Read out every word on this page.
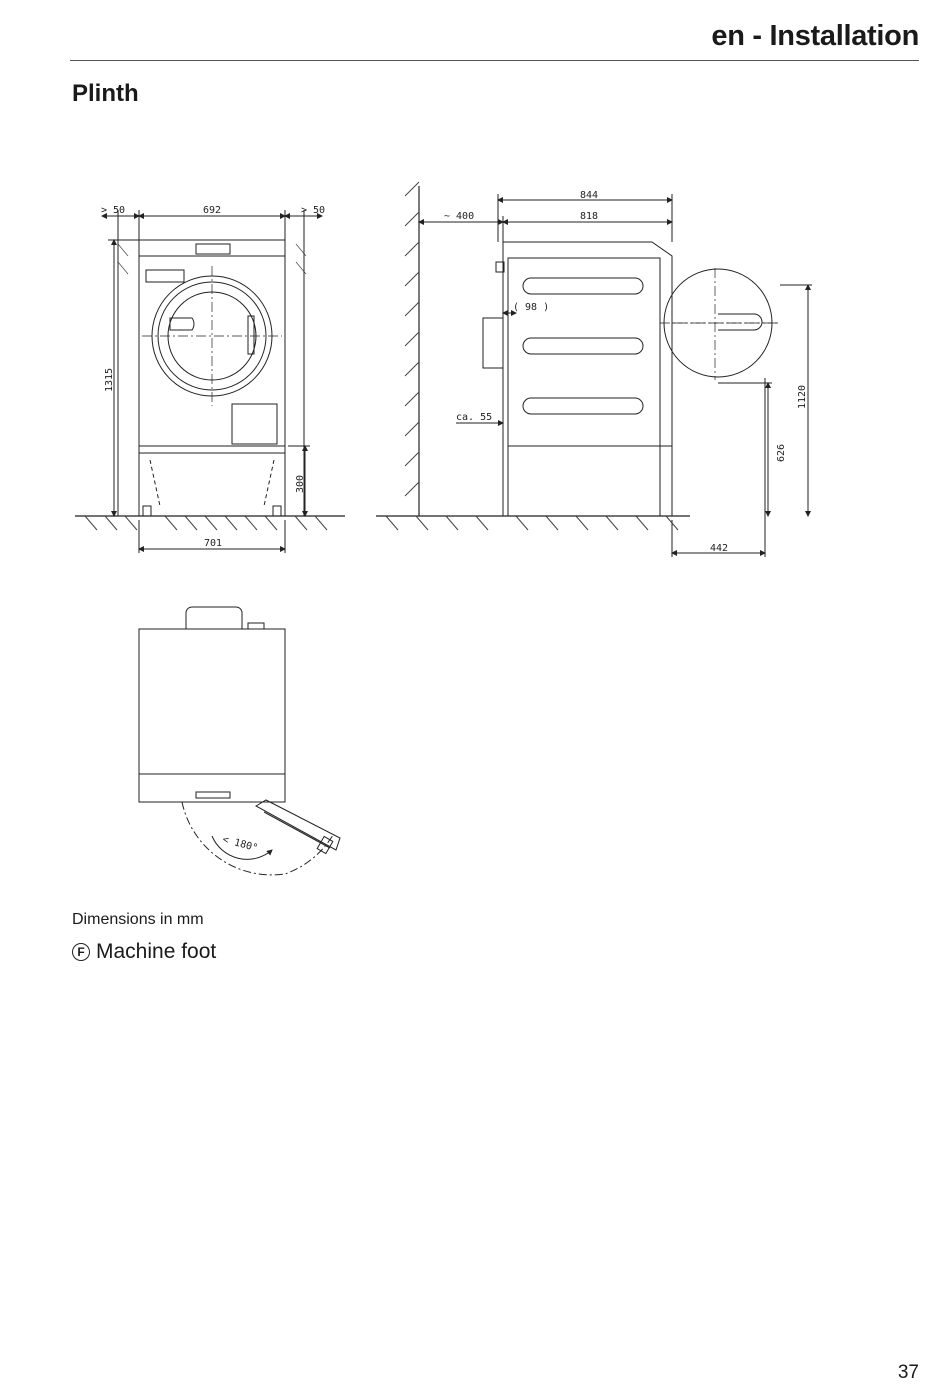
en - Installation
Plinth
> 50	692	> 50
1315
300
701
844
~ 400	818
( 98 )
ca. 55
626
1120
442
< 180°
Dimensions in mm
F Machine foot
37
